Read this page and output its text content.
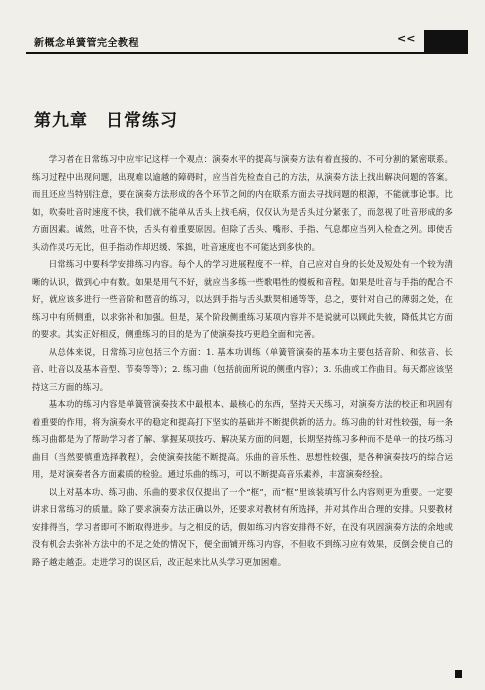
新概念单簧管完全教程	<<
第九章 日常练习

学习者在日常练习中应牢记这样一个观点：演奏水平的提高与演奏方法有着直接的、不可分割的紧密联系。练习过程中出现问题，出现难以逾越的障碍时，应当首先检查自己的方法，从演奏方法上找出解决问题的答案。而且还应当特别注意，要在演奏方法形成的各个环节之间的内在联系方面去寻找问题的根源，不能就事论事。比如，吹奏吐音时速度不快，我们就不能单从舌头上找毛病，仅仅认为是舌头过分紧张了，而忽视了吐音形成的多方面因素。诚然，吐音不快，舌头有着重要原因。但除了舌头、嘴形、手指、气息都应当列入检查之列。即使舌头动作灵巧无比，但手指动作却迟缓、笨拙，吐音速度也不可能达到多快的。

日常练习中要科学安排练习内容。每个人的学习进展程度不一样，自己应对自身的长处及短处有一个较为清晰的认识，做到心中有数。如果是用气不好，就应当多练一些歌唱性的慢板和音程。如果是吐音与手指的配合不好，就应该多进行一些音阶和琶音的练习，以达到手指与舌头默契相通等等，总之，要针对自己的薄弱之处，在练习中有所侧重，以求弥补和加强。但是，某个阶段侧重练习某项内容并不是说就可以顾此失彼，降低其它方面的要求。其实正好相反，侧重练习的目的是为了使演奏技巧更趋全面和完善。

从总体来说，日常练习应包括三个方面：1. 基本功训练（单簧管演奏的基本功主要包括音阶、和弦音、长音、吐音以及基本音型、节奏等等）；2. 练习曲（包括前面所说的侧重内容）；3. 乐曲或工作曲目。每天都应该坚持这三方面的练习。

基本功的练习内容是单簧管演奏技术中最根本、最核心的东西，坚持天天练习，对演奏方法的校正和巩固有着重要的作用，将为演奏水平的稳定和提高打下坚实的基础并不断提供新的活力。练习曲的针对性较强，每一条练习曲都是为了帮助学习者了解、掌握某项技巧、解决某方面的问题，长期坚持练习多种而不是单一的技巧练习曲目（当然要慎重选择教程），会使演奏技能不断提高。乐曲的音乐性、思想性较强，是各种演奏技巧的综合运用，是对演奏者各方面素质的检验。通过乐曲的练习，可以不断提高音乐素养，丰富演奏经验。

以上对基本功、练习曲、乐曲的要求仅仅提出了一个“框”，而“框”里该装填写什么内容则更为重要。一定要讲求日常练习的质量。除了要求演奏方法正确以外，还要求对教材有所选择，并对其作出合理的安排。只要教材安排得当，学习者即可不断取得进步。与之相反的话，假如练习内容安排得不好，在没有巩固演奏方法的余地或没有机会去弥补方法中的不足之处的情况下，便全面铺开练习内容，不但收不到练习应有效果，反倒会使自己的路子越走越歪。走进学习的误区后，改正起来比从头学习更加困难。
